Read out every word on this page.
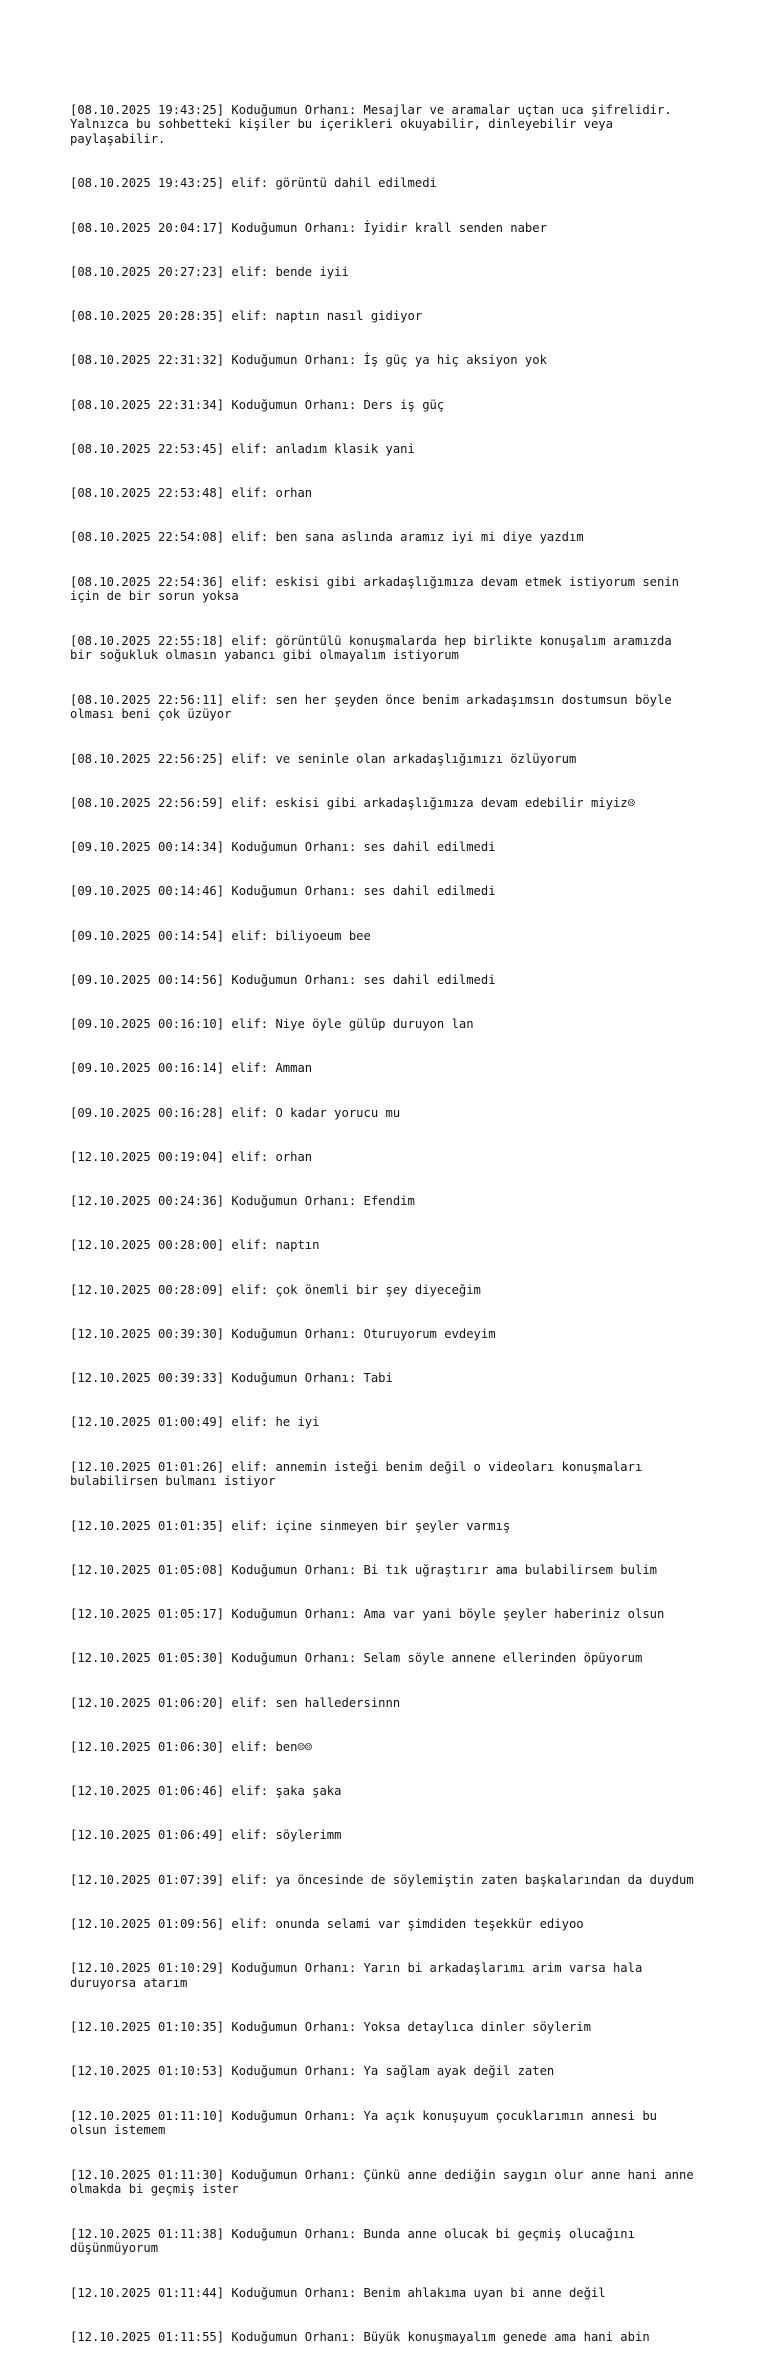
[08.10.2025 19:43:25] Koduğumun Orhanı: Mesajlar ve aramalar uçtan uca şifrelidir. Yalnızca bu sohbetteki kişiler bu içerikleri okuyabilir, dinleyebilir veya paylaşabilir.

[08.10.2025 19:43:25] elif: görüntü dahil edilmedi

[08.10.2025 20:04:17] Koduğumun Orhanı: İyidir krall senden naber

[08.10.2025 20:27:23] elif: bende iyii

[08.10.2025 20:28:35] elif: naptın nasıl gidiyor

[08.10.2025 22:31:32] Koduğumun Orhanı: İş güç ya hiç aksiyon yok

[08.10.2025 22:31:34] Koduğumun Orhanı: Ders iş güç

[08.10.2025 22:53:45] elif: anladım klasik yani

[08.10.2025 22:53:48] elif: orhan

[08.10.2025 22:54:08] elif: ben sana aslında aramız iyi mi diye yazdım

[08.10.2025 22:54:36] elif: eskisi gibi arkadaşlığımıza devam etmek istiyorum senin için de bir sorun yoksa

[08.10.2025 22:55:18] elif: görüntülü konuşmalarda hep birlikte konuşalım aramızda bir soğukluk olmasın yabancı gibi olmayalım istiyorum

[08.10.2025 22:56:11] elif: sen her şeyden önce benim arkadaşımsın dostumsun böyle olması beni çok üzüyor

[08.10.2025 22:56:25] elif: ve seninle olan arkadaşlığımızı özlüyorum

[08.10.2025 22:56:59] elif: eskisi gibi arkadaşlığımıza devam edebilir miyiz☹

[09.10.2025 00:14:34] Koduğumun Orhanı: ses dahil edilmedi

[09.10.2025 00:14:46] Koduğumun Orhanı: ses dahil edilmedi

[09.10.2025 00:14:54] elif: biliyoeum bee

[09.10.2025 00:14:56] Koduğumun Orhanı: ses dahil edilmedi

[09.10.2025 00:16:10] elif: Niye öyle gülüp duruyon lan

[09.10.2025 00:16:14] elif: Amman

[09.10.2025 00:16:28] elif: O kadar yorucu mu

[12.10.2025 00:19:04] elif: orhan

[12.10.2025 00:24:36] Koduğumun Orhanı: Efendim

[12.10.2025 00:28:00] elif: naptın

[12.10.2025 00:28:09] elif: çok önemli bir şey diyeceğim

[12.10.2025 00:39:30] Koduğumun Orhanı: Oturuyorum evdeyim

[12.10.2025 00:39:33] Koduğumun Orhanı: Tabi

[12.10.2025 01:00:49] elif: he iyi

[12.10.2025 01:01:26] elif: annemin isteği benim değil o videoları konuşmaları bulabilirsen bulmanı istiyor

[12.10.2025 01:01:35] elif: içine sinmeyen bir şeyler varmış

[12.10.2025 01:05:08] Koduğumun Orhanı: Bi tık uğraştırır ama bulabilirsem bulim

[12.10.2025 01:05:17] Koduğumun Orhanı: Ama var yani böyle şeyler haberiniz olsun

[12.10.2025 01:05:30] Koduğumun Orhanı: Selam söyle annene ellerinden öpüyorum

[12.10.2025 01:06:20] elif: sen halledersinnn

[12.10.2025 01:06:30] elif: ben☹☹

[12.10.2025 01:06:46] elif: şaka şaka

[12.10.2025 01:06:49] elif: söylerimm

[12.10.2025 01:07:39] elif: ya öncesinde de söylemiştin zaten başkalarından da duydum

[12.10.2025 01:09:56] elif: onunda selami var şimdiden teşekkür ediyoo

[12.10.2025 01:10:29] Koduğumun Orhanı: Yarın bi arkadaşlarımı arim varsa hala duruyorsa atarım

[12.10.2025 01:10:35] Koduğumun Orhanı: Yoksa detaylıca dinler söylerim

[12.10.2025 01:10:53] Koduğumun Orhanı: Ya sağlam ayak değil zaten

[12.10.2025 01:11:10] Koduğumun Orhanı: Ya açık konuşuyum çocuklarımın annesi bu olsun istemem

[12.10.2025 01:11:30] Koduğumun Orhanı: Çünkü anne dediğin saygın olur anne hani anne olmakda bi geçmiş ister

[12.10.2025 01:11:38] Koduğumun Orhanı: Bunda anne olucak bi geçmiş olucağını düşünmüyorum

[12.10.2025 01:11:44] Koduğumun Orhanı: Benim ahlakıma uyan bi anne değil

[12.10.2025 01:11:55] Koduğumun Orhanı: Büyük konuşmayalım genede ama hani abin
